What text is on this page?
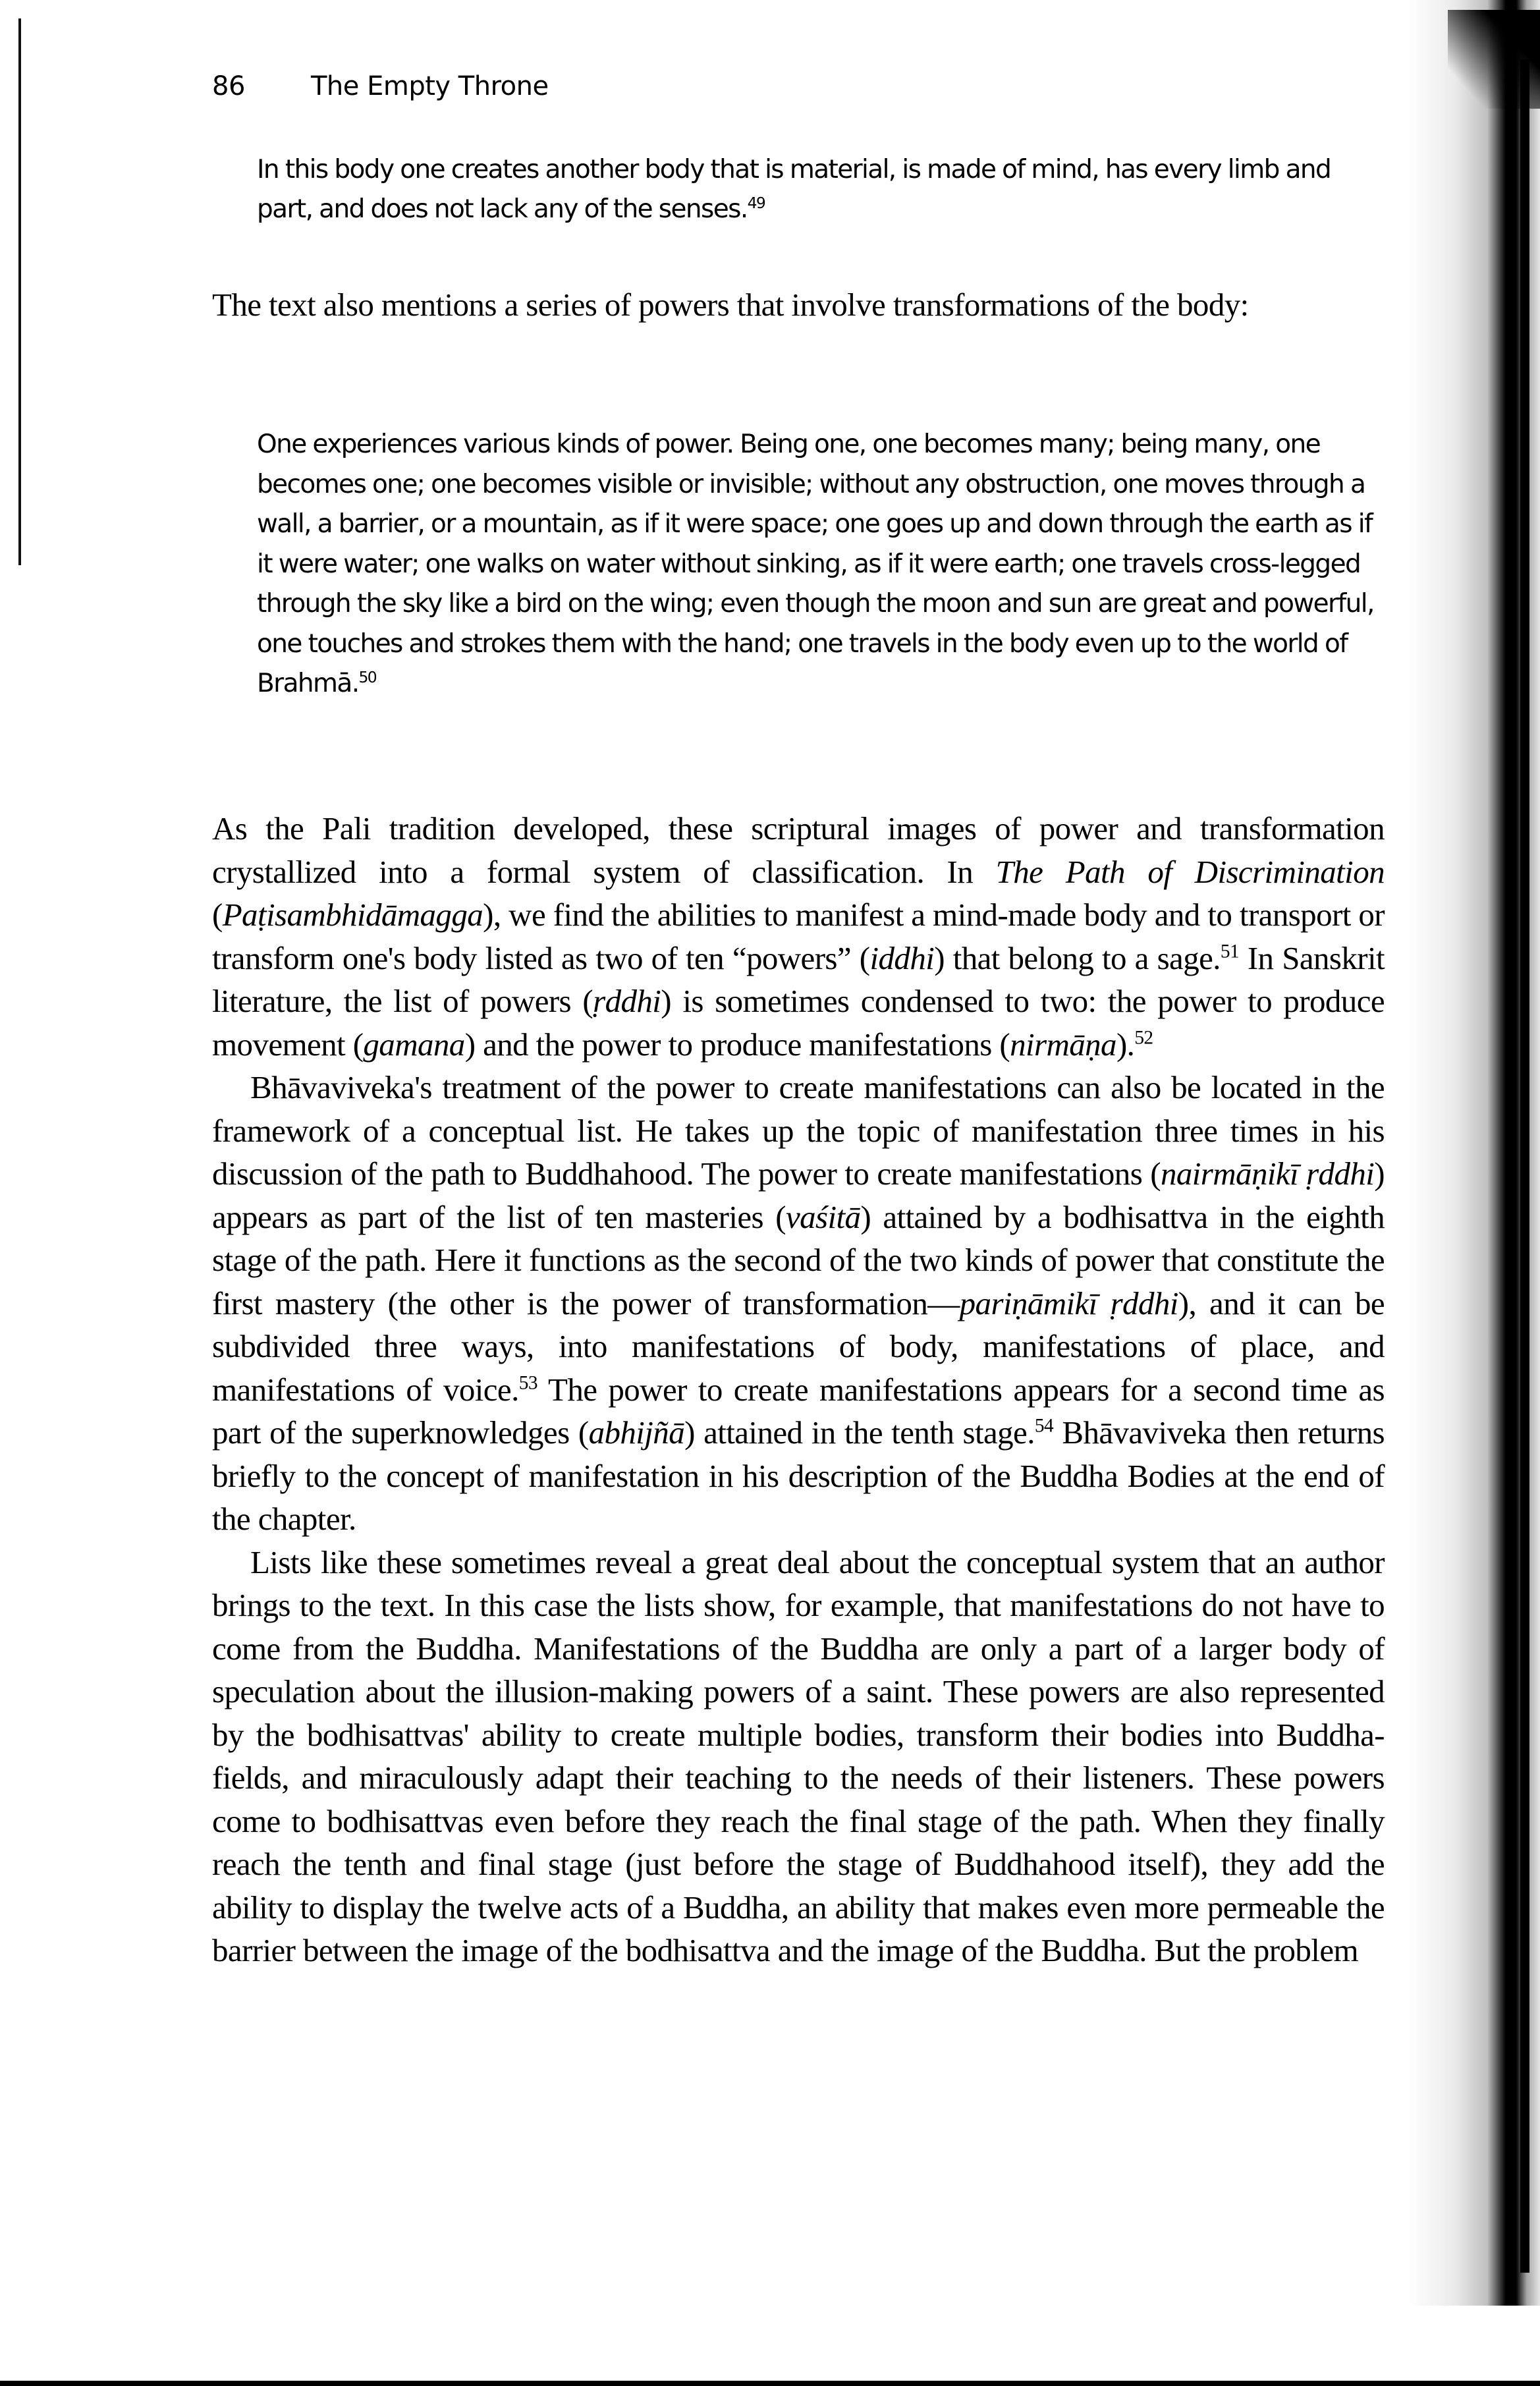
86	The Empty Throne
In this body one creates another body that is material, is made of mind, has every limb and part, and does not lack any of the senses.$^{49}$

The text also mentions a series of powers that involve transformations of the body:

One experiences various kinds of power. Being one, one becomes many; being many, one becomes one; one becomes visible or invisible; without any obstruction, one moves through a wall, a barrier, or a mountain, as if it were space; one goes up and down through the earth as if it were water; one walks on water without sinking, as if it were earth; one travels cross-legged through the sky like a bird on the wing; even though the moon and sun are great and powerful, one touches and strokes them with the hand; one travels in the body even up to the world of Brahmā.$^{50}$

As the Pali tradition developed, these scriptural images of power and transformation crystallized into a formal system of classification. In The Path of Discrimination (Paṭisambhidāmagga), we find the abilities to manifest a mind-made body and to transport or transform one's body listed as two of ten “powers” (iddhi) that belong to a sage.$^{51}$ In Sanskrit literature, the list of powers (ṛddhi) is sometimes condensed to two: the power to produce movement (gamana) and the power to produce manifestations (nirmāṇa).$^{52}$

Bhāvaviveka's treatment of the power to create manifestations can also be located in the framework of a conceptual list. He takes up the topic of manifestation three times in his discussion of the path to Buddhahood. The power to create manifestations (nairmāṇikī ṛddhi) appears as part of the list of ten masteries (vaśitā) attained by a bodhisattva in the eighth stage of the path. Here it functions as the second of the two kinds of power that constitute the first mastery (the other is the power of transformation—pariṇāmikī ṛddhi), and it can be subdivided three ways, into manifestations of body, manifestations of place, and manifestations of voice.$^{53}$ The power to create manifestations appears for a second time as part of the superknowledges (abhijñā) attained in the tenth stage.$^{54}$ Bhāvaviveka then returns briefly to the concept of manifestation in his description of the Buddha Bodies at the end of the chapter.

Lists like these sometimes reveal a great deal about the conceptual system that an author brings to the text. In this case the lists show, for example, that manifestations do not have to come from the Buddha. Manifestations of the Buddha are only a part of a larger body of speculation about the illusion-making powers of a saint. These powers are also represented by the bodhisattvas' ability to create multiple bodies, transform their bodies into Buddha-fields, and miraculously adapt their teaching to the needs of their listeners. These powers come to bodhisattvas even before they reach the final stage of the path. When they finally reach the tenth and final stage (just before the stage of Buddhahood itself), they add the ability to display the twelve acts of a Buddha, an ability that makes even more permeable the barrier between the image of the bodhisattva and the image of the Buddha. But the problem
